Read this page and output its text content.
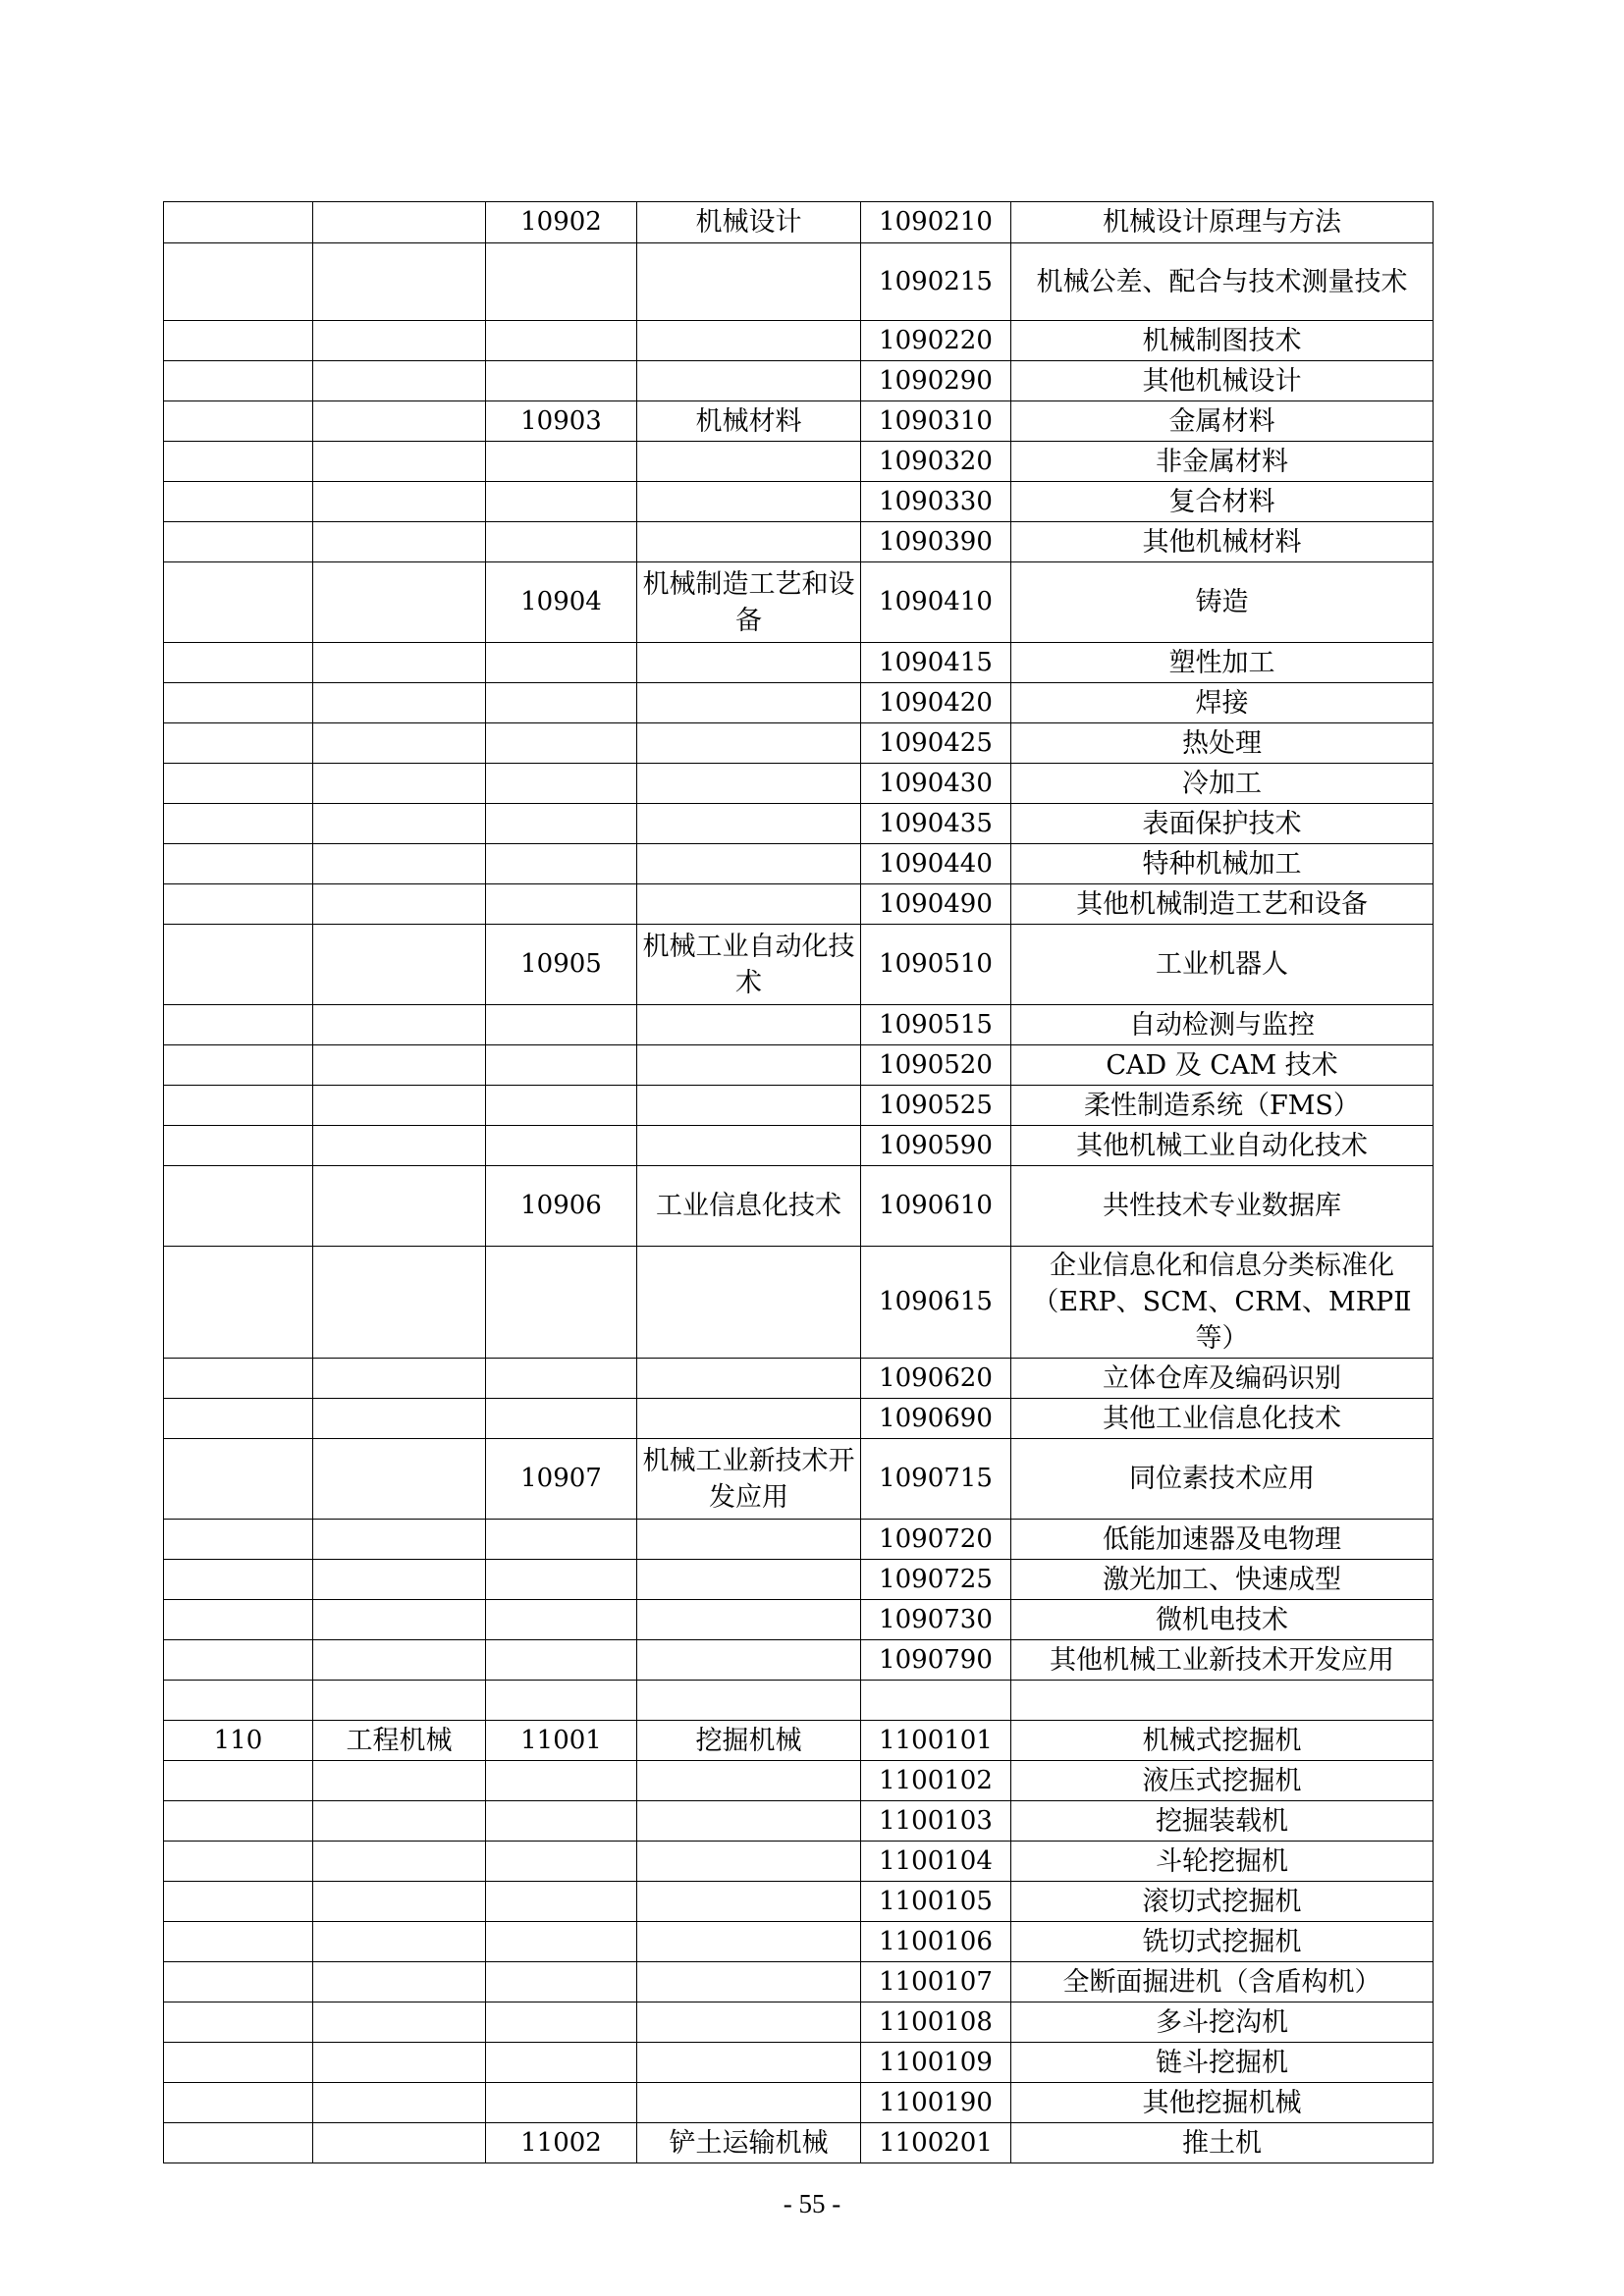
		10902	机械设计	1090210	机械设计原理与方法
				1090215	机械公差、配合与技术测量技术
				1090220	机械制图技术
				1090290	其他机械设计
		10903	机械材料	1090310	金属材料
				1090320	非金属材料
				1090330	复合材料
				1090390	其他机械材料
		10904	机械制造工艺和设备	1090410	铸造
				1090415	塑性加工
				1090420	焊接
				1090425	热处理
				1090430	冷加工
				1090435	表面保护技术
				1090440	特种机械加工
				1090490	其他机械制造工艺和设备
		10905	机械工业自动化技术	1090510	工业机器人
				1090515	自动检测与监控
				1090520	CAD 及 CAM 技术
				1090525	柔性制造系统（FMS）
				1090590	其他机械工业自动化技术
		10906	工业信息化技术	1090610	共性技术专业数据库
				1090615	企业信息化和信息分类标准化（ERP、SCM、CRM、MRPⅡ等）
				1090620	立体仓库及编码识别
				1090690	其他工业信息化技术
		10907	机械工业新技术开发应用	1090715	同位素技术应用
				1090720	低能加速器及电物理
				1090725	激光加工、快速成型
				1090730	微机电技术
				1090790	其他机械工业新技术开发应用

110	工程机械	11001	挖掘机械	1100101	机械式挖掘机
				1100102	液压式挖掘机
				1100103	挖掘装载机
				1100104	斗轮挖掘机
				1100105	滚切式挖掘机
				1100106	铣切式挖掘机
				1100107	全断面掘进机（含盾构机）
				1100108	多斗挖沟机
				1100109	链斗挖掘机
				1100190	其他挖掘机械
		11002	铲土运输机械	1100201	推土机
- 55 -
